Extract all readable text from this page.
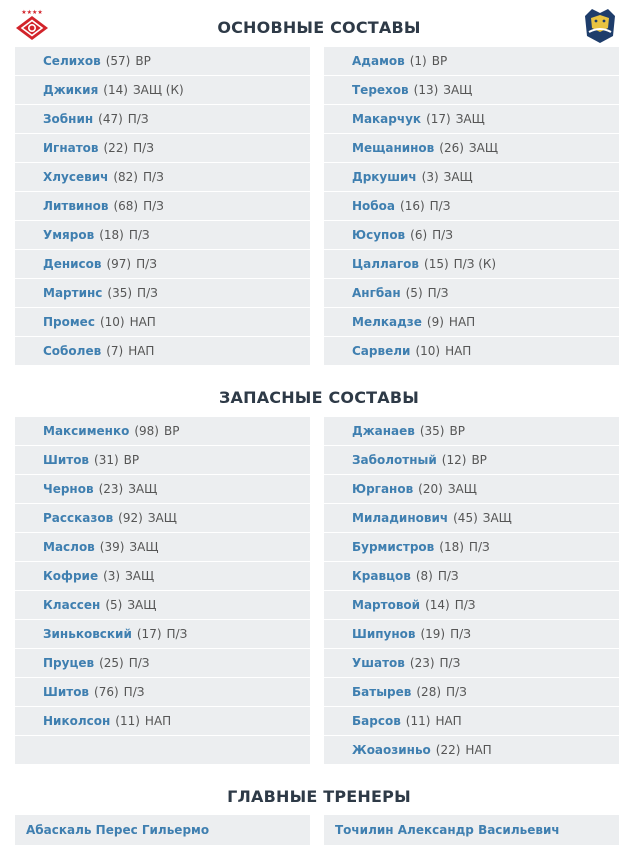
ОСНОВНЫЕ СОСТАВЫ
★★★★
Селихов (57) ВР
Джикия (14) ЗАЩ (К)
Зобнин (47) П/З
Игнатов (22) П/З
Хлусевич (82) П/З
Литвинов (68) П/З
Умяров (18) П/З
Денисов (97) П/З
Мартинс (35) П/З
Промес (10) НАП
Соболев (7) НАП
Адамов (1) ВР
Терехов (13) ЗАЩ
Макарчук (17) ЗАЩ
Мещанинов (26) ЗАЩ
Дркушич (3) ЗАЩ
Нобоа (16) П/З
Юсупов (6) П/З
Цаллагов (15) П/З (К)
Ангбан (5) П/З
Мелкадзе (9) НАП
Сарвели (10) НАП
ЗАПАСНЫЕ СОСТАВЫ
Максименко (98) ВР
Шитов (31) ВР
Чернов (23) ЗАЩ
Рассказов (92) ЗАЩ
Маслов (39) ЗАЩ
Кофрие (3) ЗАЩ
Классен (5) ЗАЩ
Зиньковский (17) П/З
Пруцев (25) П/З
Шитов (76) П/З
Николсон (11) НАП
Джанаев (35) ВР
Заболотный (12) ВР
Юрганов (20) ЗАЩ
Миладинович (45) ЗАЩ
Бурмистров (18) П/З
Кравцов (8) П/З
Мартовой (14) П/З
Шипунов (19) П/З
Ушатов (23) П/З
Батырев (28) П/З
Барсов (11) НАП
Жоаозиньо (22) НАП
ГЛАВНЫЕ ТРЕНЕРЫ
Абаскаль Перес Гильермо	Точилин Александр Васильевич
